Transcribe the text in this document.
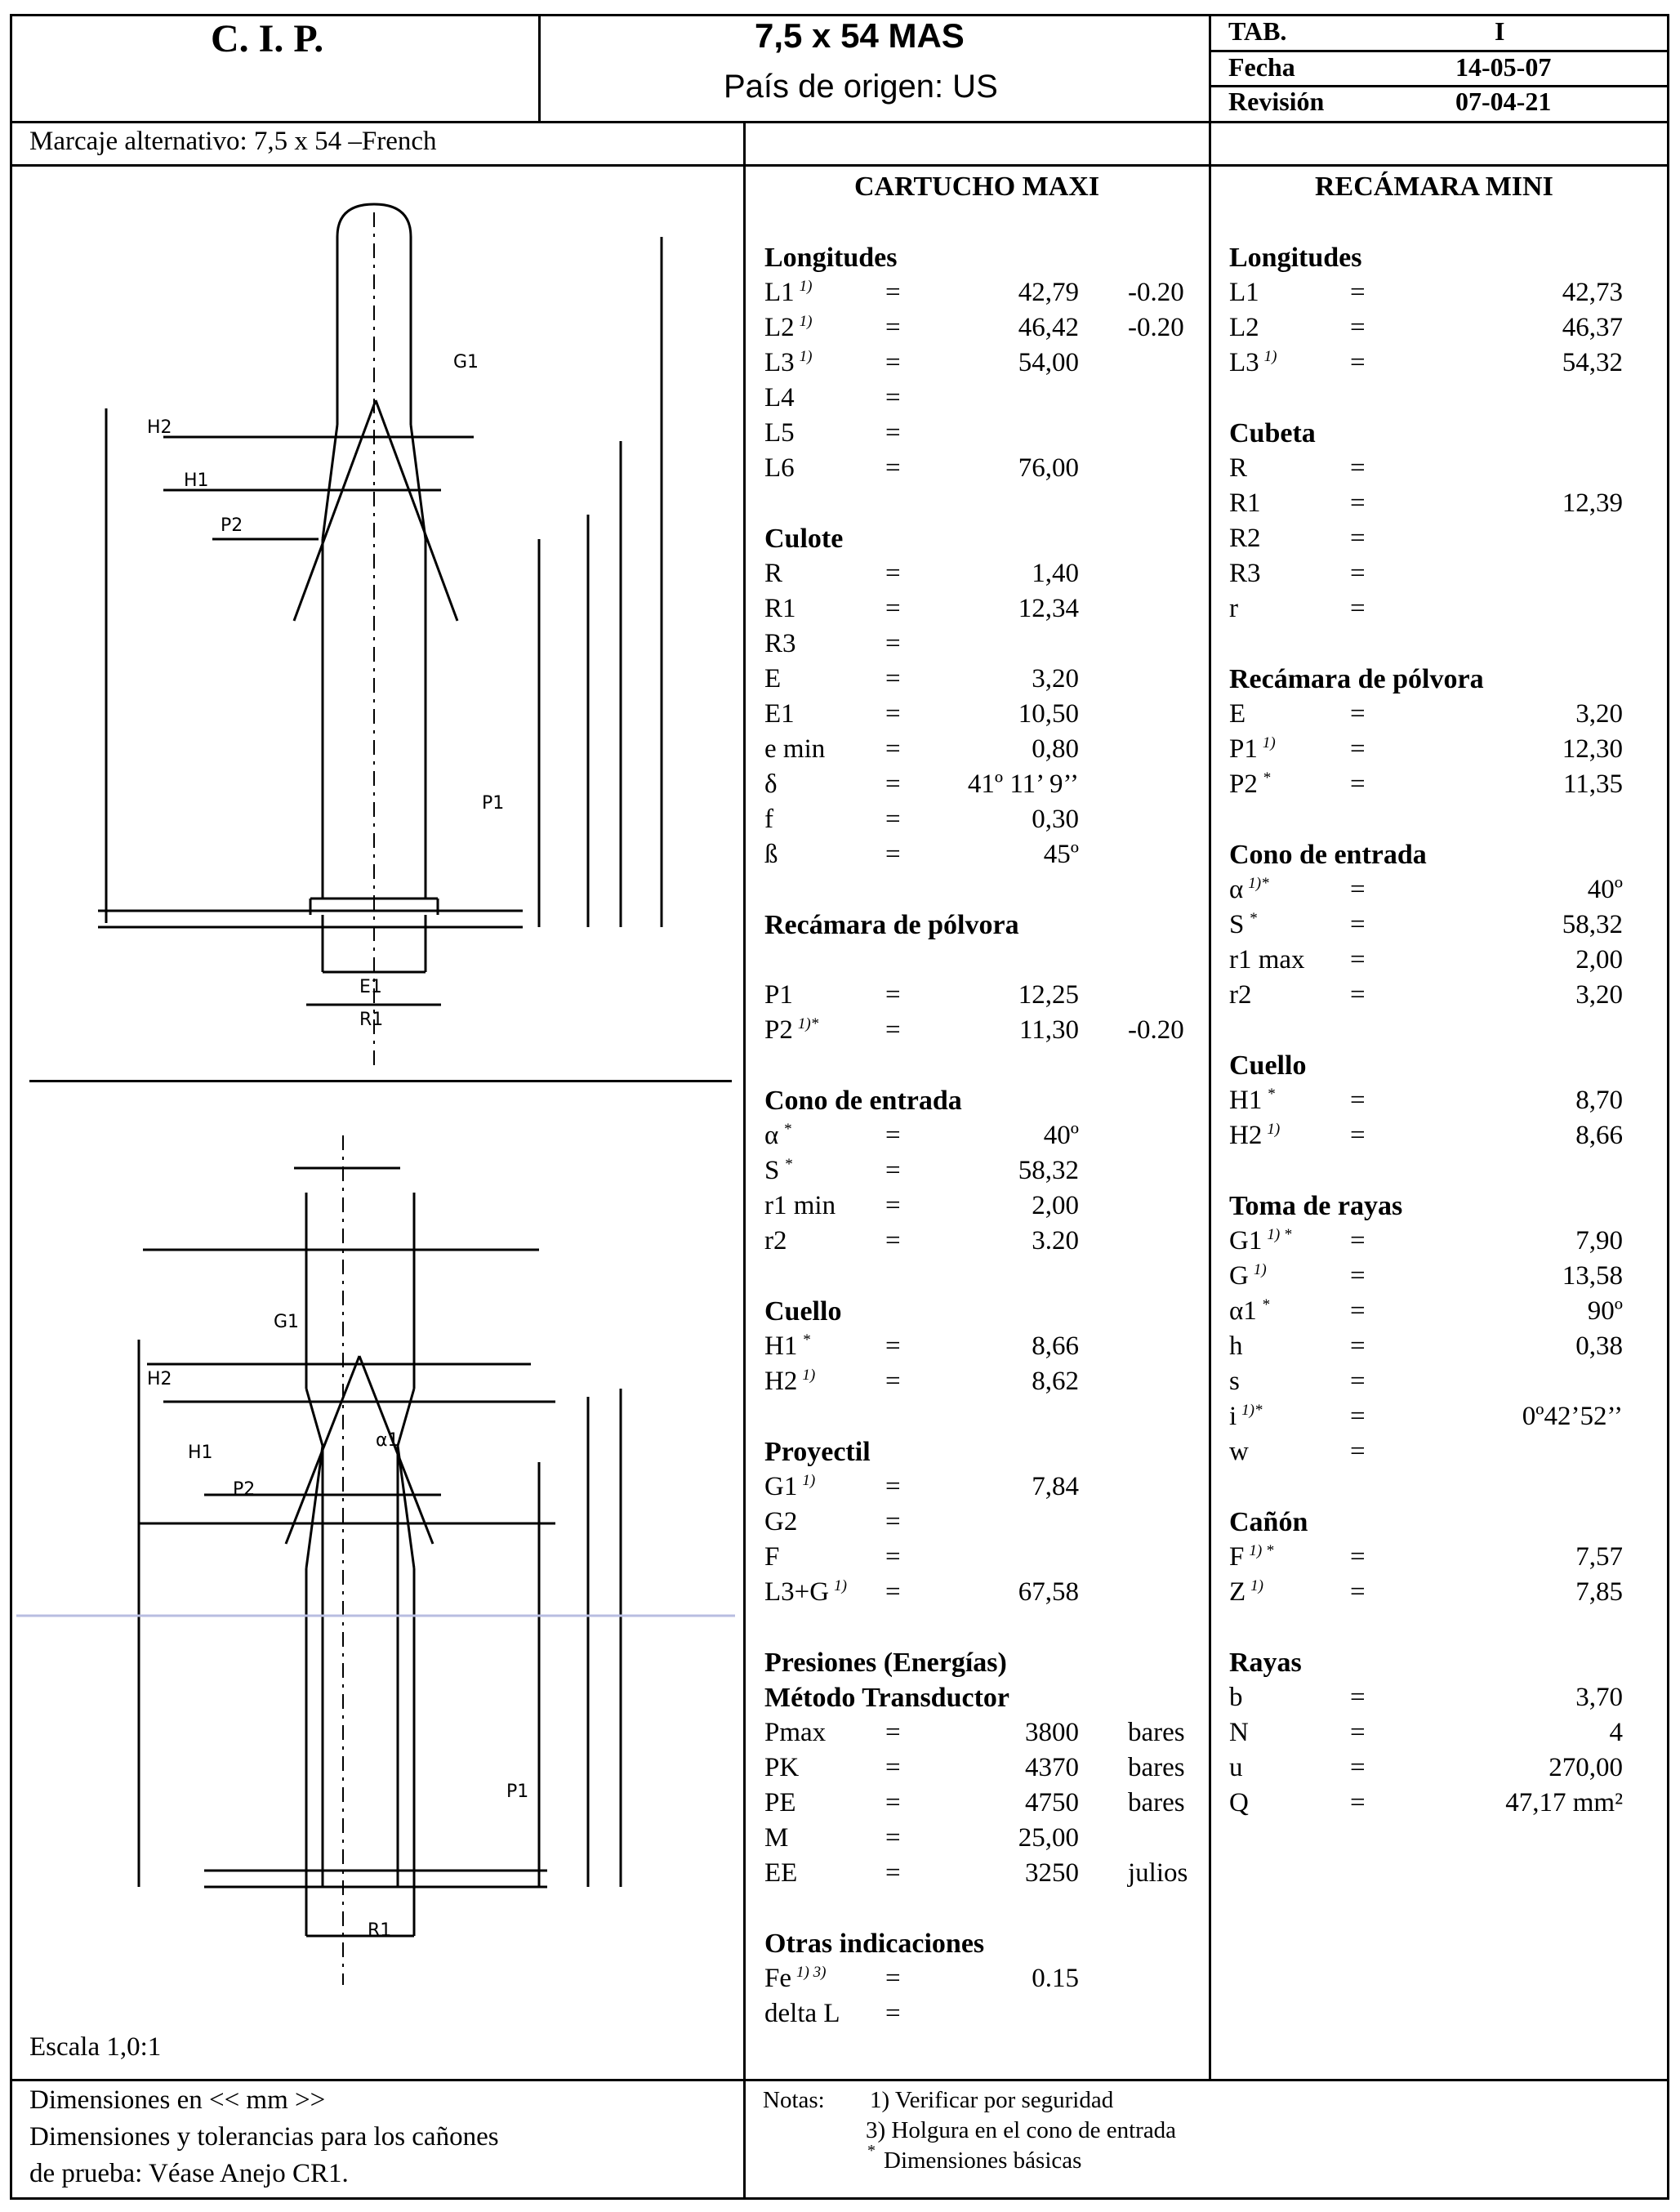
C. I. P.	7,5 x 54 MAS
País de origen: US
TAB.	I
Fecha	14-05-07
Revisión	07-04-21
Marcaje alternativo: 7,5 x 54 –French
CARTUCHO MAXI	RECÁMARA MINI
Longitudes
L1 $^{1)}$	=	42,79 -0.20
L2 $^{1)}$	=	46,42 -0.20
L3 $^{1)}$	=	54,00
L4	=
L5	=
L6	=	76,00
Culote
R	=	1,40
R1	=	12,34
R3	=
E	=	3,20
E1	=	10,50
e min =	0,80
δ	=	41º 11’ 9’’
f	=	0,30
ß	=	45º
Recámara de pólvora
P1	=	12,25
P2 $^{1)*}$ =	11,30 -0.20
Cono de entrada
α *	=	40º
S *	=	58,32
r1 min =	2,00
r2	=	3.20
Cuello
H1 *	=	8,66
H2 $^{1)}$	=	8,62
Proyectil
G1 $^{1)}$	=	7,84
G2	=
F	=
L3+G $^{1)}$ =	67,58
Presiones (Energías)
Método Transductor
Pmax =	3800 bares
PK	=	4370 bares
PE	=	4750 bares
M	=	25,00
EE	=	3250 julios
Otras indicaciones
Fe $^{1) 3)}$ =	0.15
delta L =
Longitudes
L1	=	42,73
L2	=	46,37
L3 $^{1)}$	=	54,32
Cubeta
R	=
R1	=	12,39
R2	=
R3	=
r	=
Recámara de pólvora
E	=	3,20
P1 $^{1)}$	=	12,30
P2 *	=	11,35
Cono de entrada
α $^{1)*}$	=	40º
S *	=	58,32
r1 max =	2,00
r2	=	3,20
Cuello
H1 *	=	8,70
H2 $^{1)}$	=	8,66
Toma de rayas
G1 $^{1) *}$ =	7,90
G $^{1)}$	=	13,58
α1 *	=	90º
h	=	0,38
s	=
i $^{1)*}$	=	0º42’52’’
w	=
Cañón
F $^{1) *}$	=	7,57
Z $^{1)}$	=	7,85
Rayas
b	=	3,70
N	=	4
u	=	270,00
Q	=	47,17 mm²
Escala 1,0:1
Dimensiones en << mm >>
Dimensiones y tolerancias para los cañones
de prueba: Véase Anejo CR1.
Notas: 1) Verificar por seguridad
3) Holgura en el cono de entrada
* Dimensiones básicas
H2
H1
P2
E1
R1
G1
P1
H2
H1
P2
α1
R1
G1
P1
